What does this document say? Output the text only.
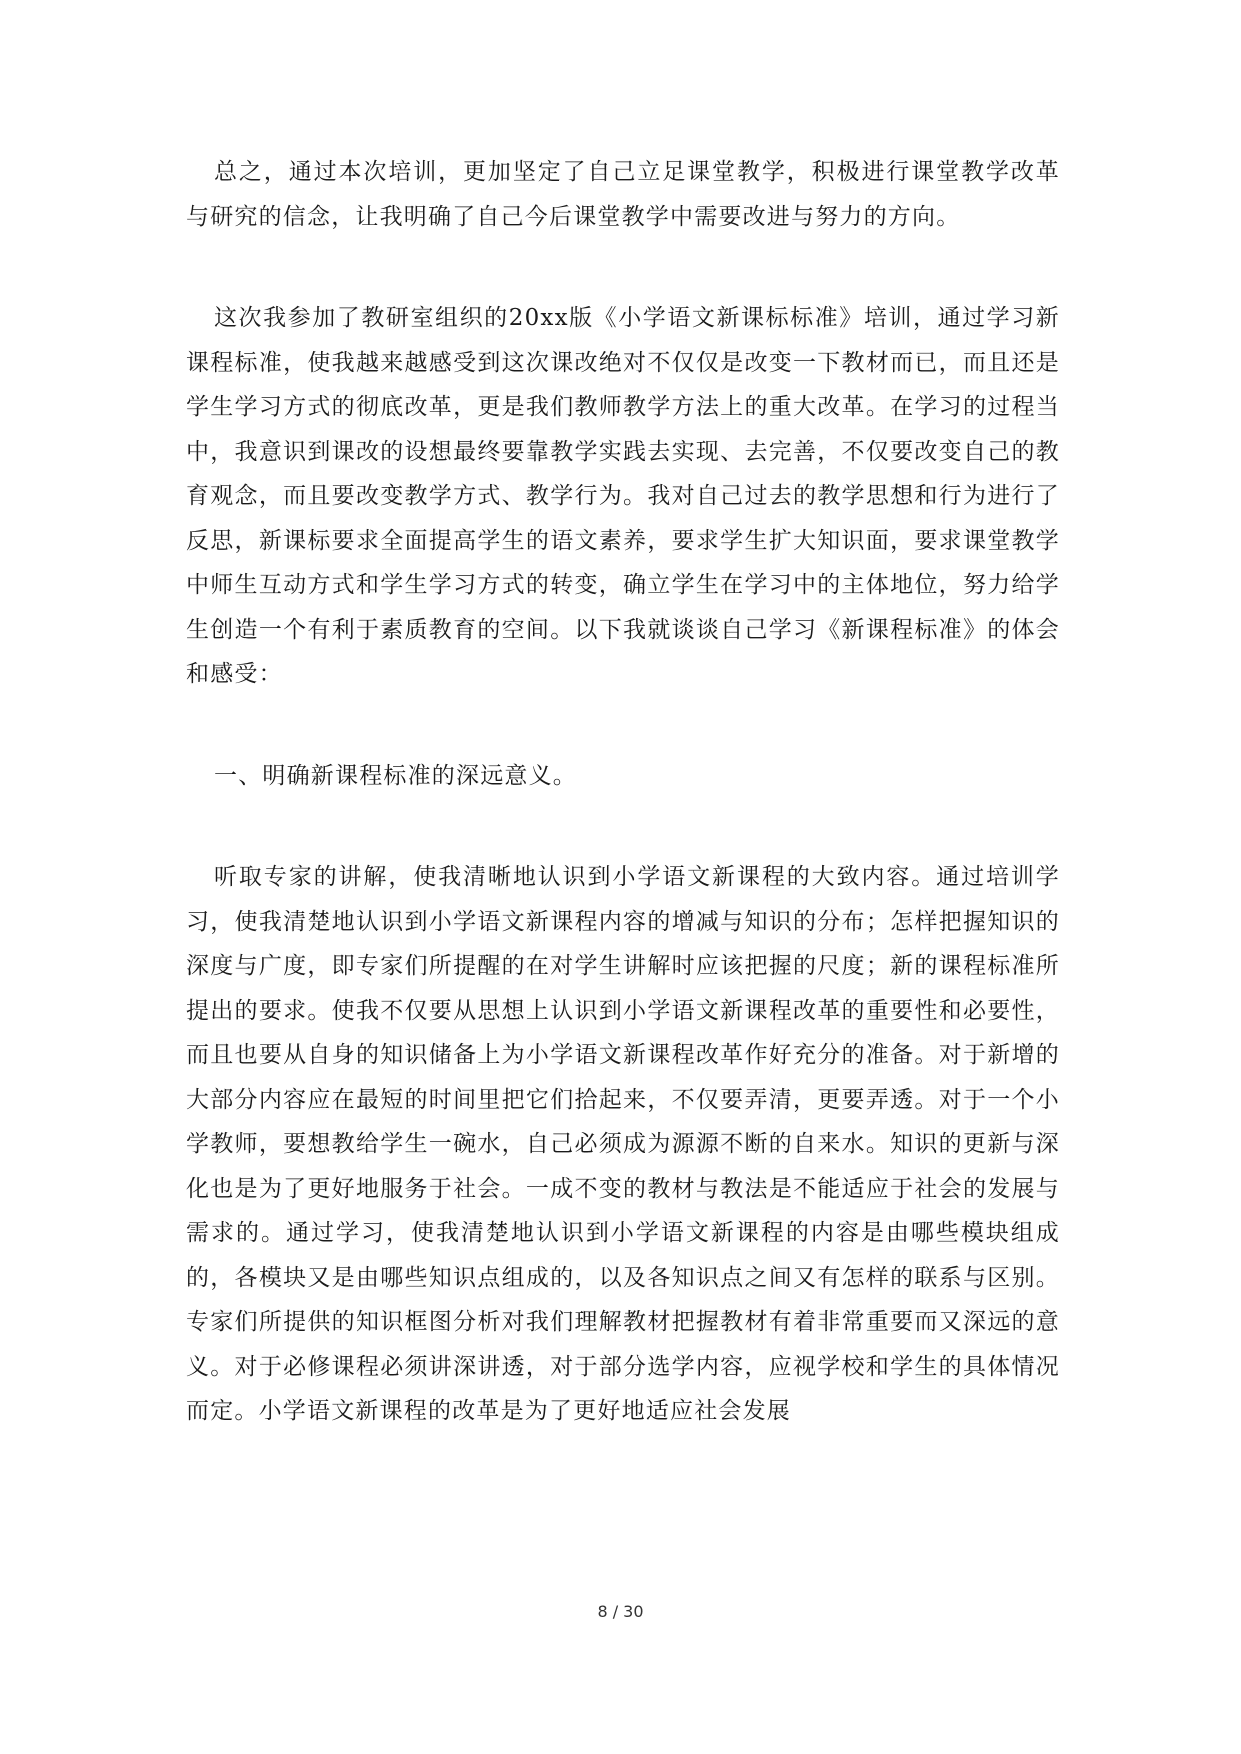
总之，通过本次培训，更加坚定了自己立足课堂教学，积极进行课堂教学改革与研究的信念，让我明确了自己今后课堂教学中需要改进与努力的方向。

这次我参加了教研室组织的20xx版《小学语文新课标标准》培训，通过学习新课程标准，使我越来越感受到这次课改绝对不仅仅是改变一下教材而已，而且还是学生学习方式的彻底改革，更是我们教师教学方法上的重大改革。在学习的过程当中，我意识到课改的设想最终要靠教学实践去实现、去完善，不仅要改变自己的教育观念，而且要改变教学方式、教学行为。我对自己过去的教学思想和行为进行了反思，新课标要求全面提高学生的语文素养，要求学生扩大知识面，要求课堂教学中师生互动方式和学生学习方式的转变，确立学生在学习中的主体地位，努力给学生创造一个有利于素质教育的空间。以下我就谈谈自己学习《新课程标准》的体会和感受：

一、明确新课程标准的深远意义。

听取专家的讲解，使我清晰地认识到小学语文新课程的大致内容。通过培训学习，使我清楚地认识到小学语文新课程内容的增减与知识的分布；怎样把握知识的深度与广度，即专家们所提醒的在对学生讲解时应该把握的尺度；新的课程标准所提出的要求。使我不仅要从思想上认识到小学语文新课程改革的重要性和必要性，而且也要从自身的知识储备上为小学语文新课程改革作好充分的准备。对于新增的大部分内容应在最短的时间里把它们拾起来，不仅要弄清，更要弄透。对于一个小学教师，要想教给学生一碗水，自己必须成为源源不断的自来水。知识的更新与深化也是为了更好地服务于社会。一成不变的教材与教法是不能适应于社会的发展与需求的。通过学习，使我清楚地认识到小学语文新课程的内容是由哪些模块组成的，各模块又是由哪些知识点组成的，以及各知识点之间又有怎样的联系与区别。专家们所提供的知识框图分析对我们理解教材把握教材有着非常重要而又深远的意义。对于必修课程必须讲深讲透，对于部分选学内容，应视学校和学生的具体情况而定。小学语文新课程的改革是为了更好地适应社会发展

8 / 30
